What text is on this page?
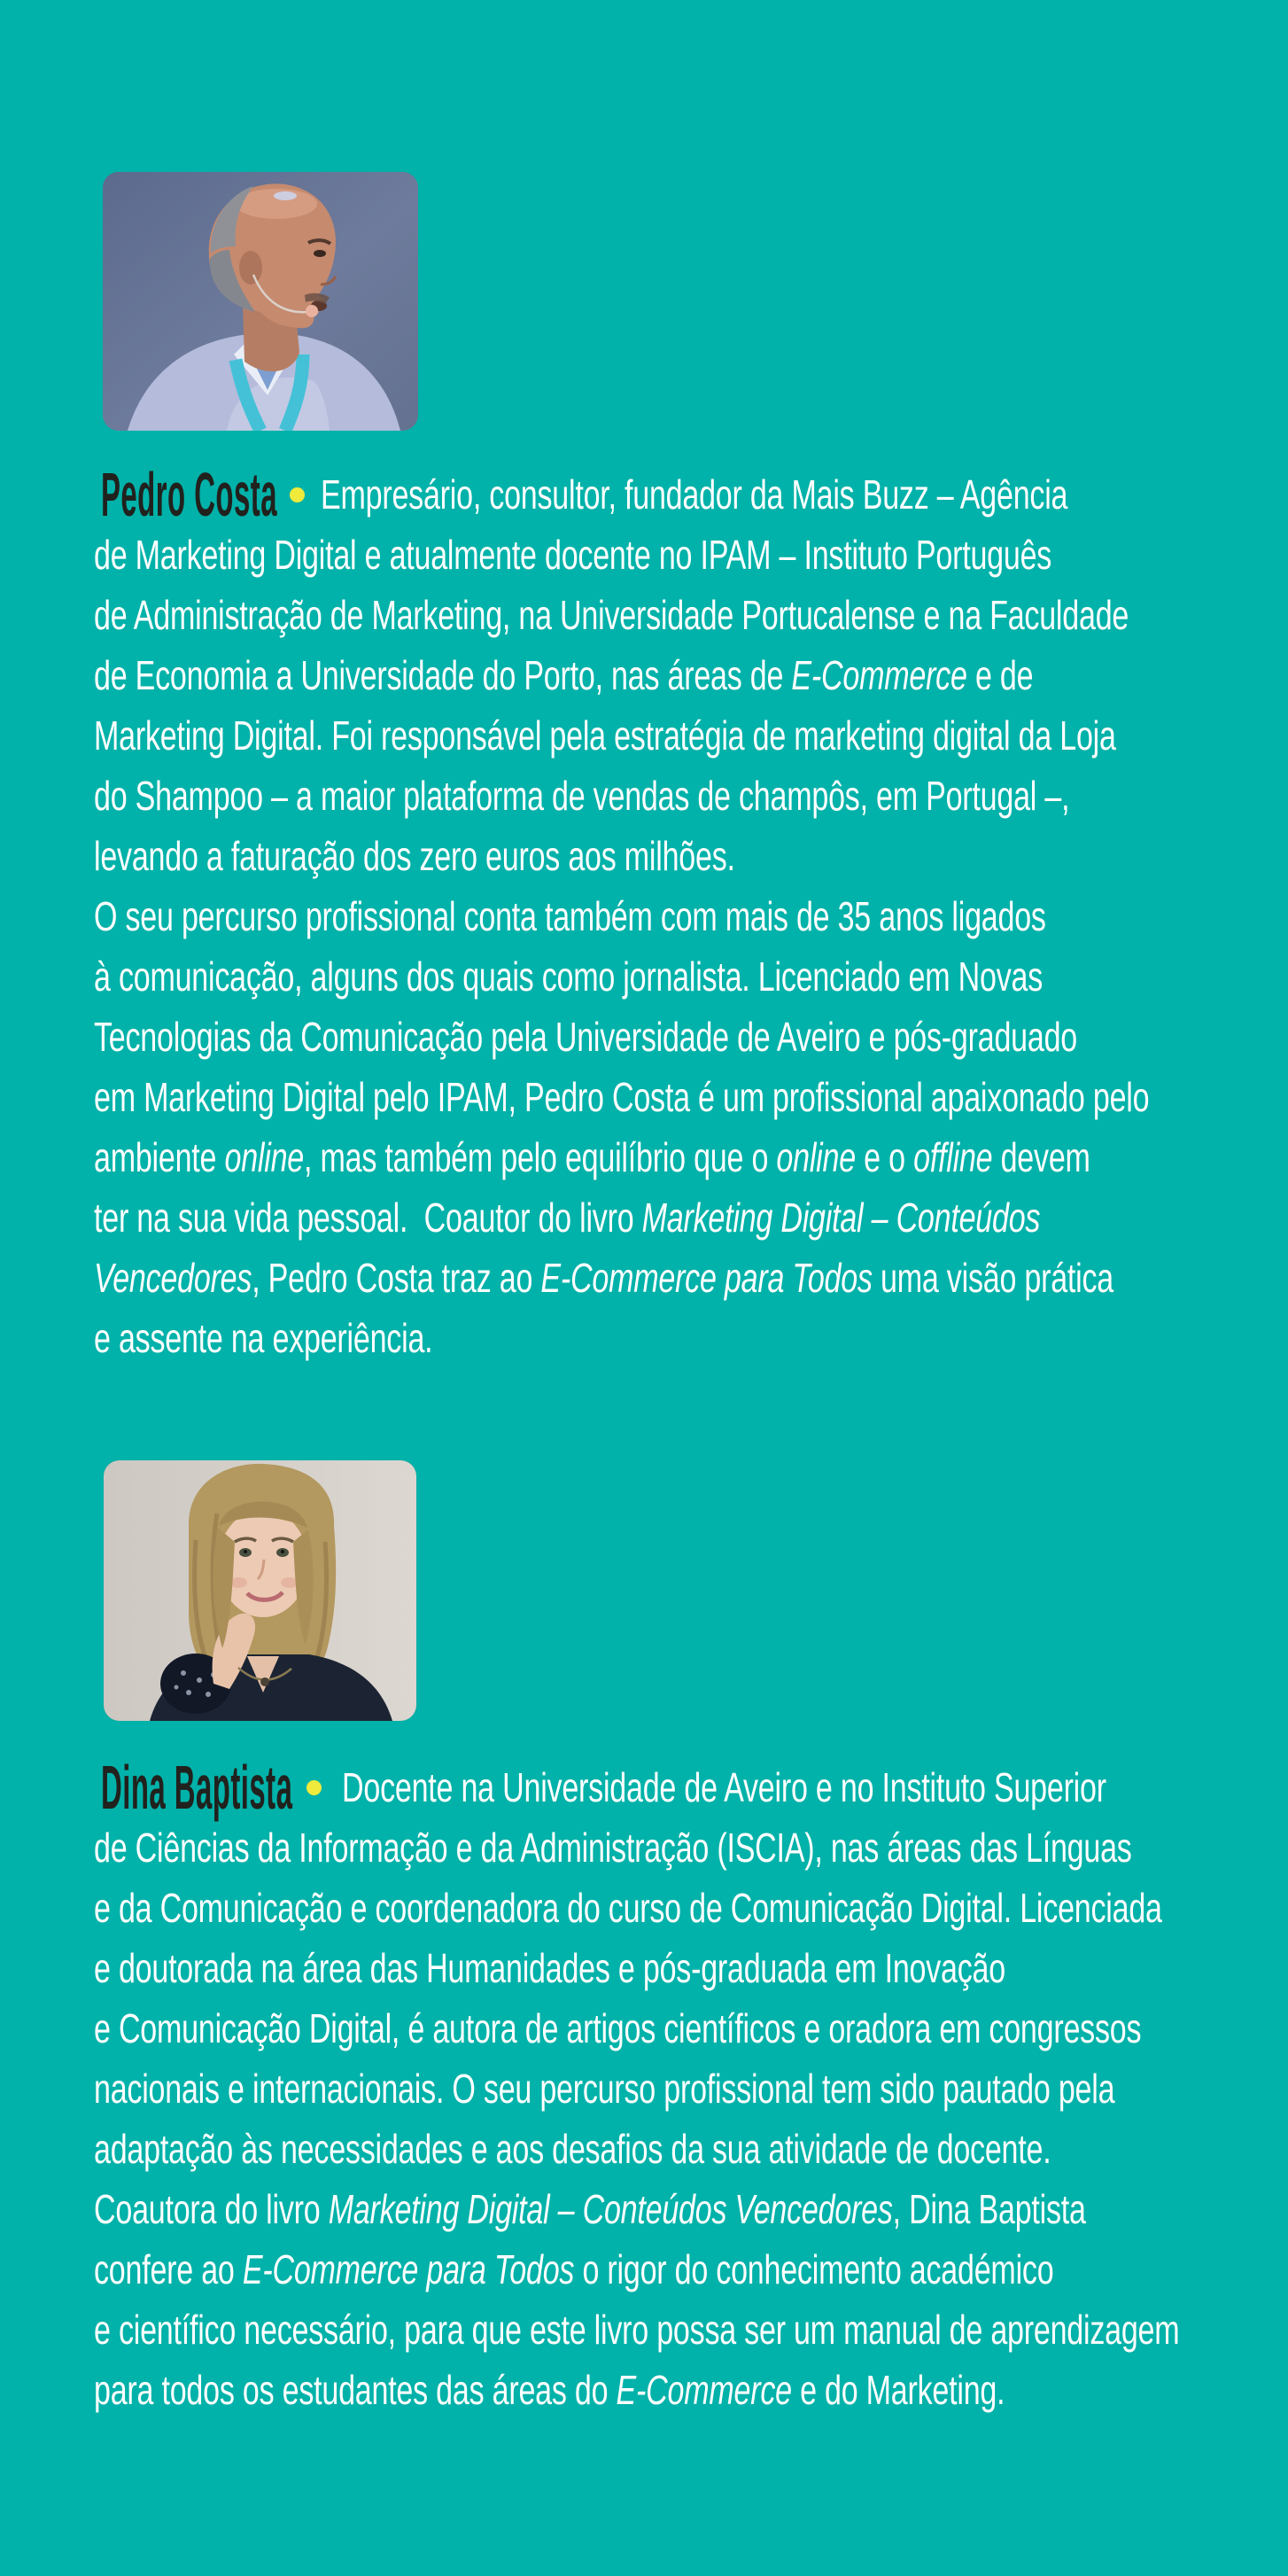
Pedro Costa Empresário, consultor, fundador da Mais Buzz – Agência
de Marketing Digital e atualmente docente no IPAM – Instituto Português
de Administração de Marketing, na Universidade Portucalense e na Faculdade
de Economia a Universidade do Porto, nas áreas de E-Commerce e de
Marketing Digital. Foi responsável pela estratégia de marketing digital da Loja
do Shampoo – a maior plataforma de vendas de champôs, em Portugal –,
levando a faturação dos zero euros aos milhões.
O seu percurso profissional conta também com mais de 35 anos ligados
à comunicação, alguns dos quais como jornalista. Licenciado em Novas
Tecnologias da Comunicação pela Universidade de Aveiro e pós-graduado
em Marketing Digital pelo IPAM, Pedro Costa é um profissional apaixonado pelo
ambiente online, mas também pelo equilíbrio que o online e o offline devem
ter na sua vida pessoal.  Coautor do livro Marketing Digital – Conteúdos
Vencedores, Pedro Costa traz ao E-Commerce para Todos uma visão prática
e assente na experiência.
Dina Baptista Docente na Universidade de Aveiro e no Instituto Superior
de Ciências da Informação e da Administração (ISCIA), nas áreas das Línguas
e da Comunicação e coordenadora do curso de Comunicação Digital. Licenciada
e doutorada na área das Humanidades e pós-graduada em Inovação
e Comunicação Digital, é autora de artigos científicos e oradora em congressos
nacionais e internacionais. O seu percurso profissional tem sido pautado pela
adaptação às necessidades e aos desafios da sua atividade de docente.
Coautora do livro Marketing Digital – Conteúdos Vencedores, Dina Baptista
confere ao E-Commerce para Todos o rigor do conhecimento académico
e científico necessário, para que este livro possa ser um manual de aprendizagem
para todos os estudantes das áreas do E-Commerce e do Marketing.
